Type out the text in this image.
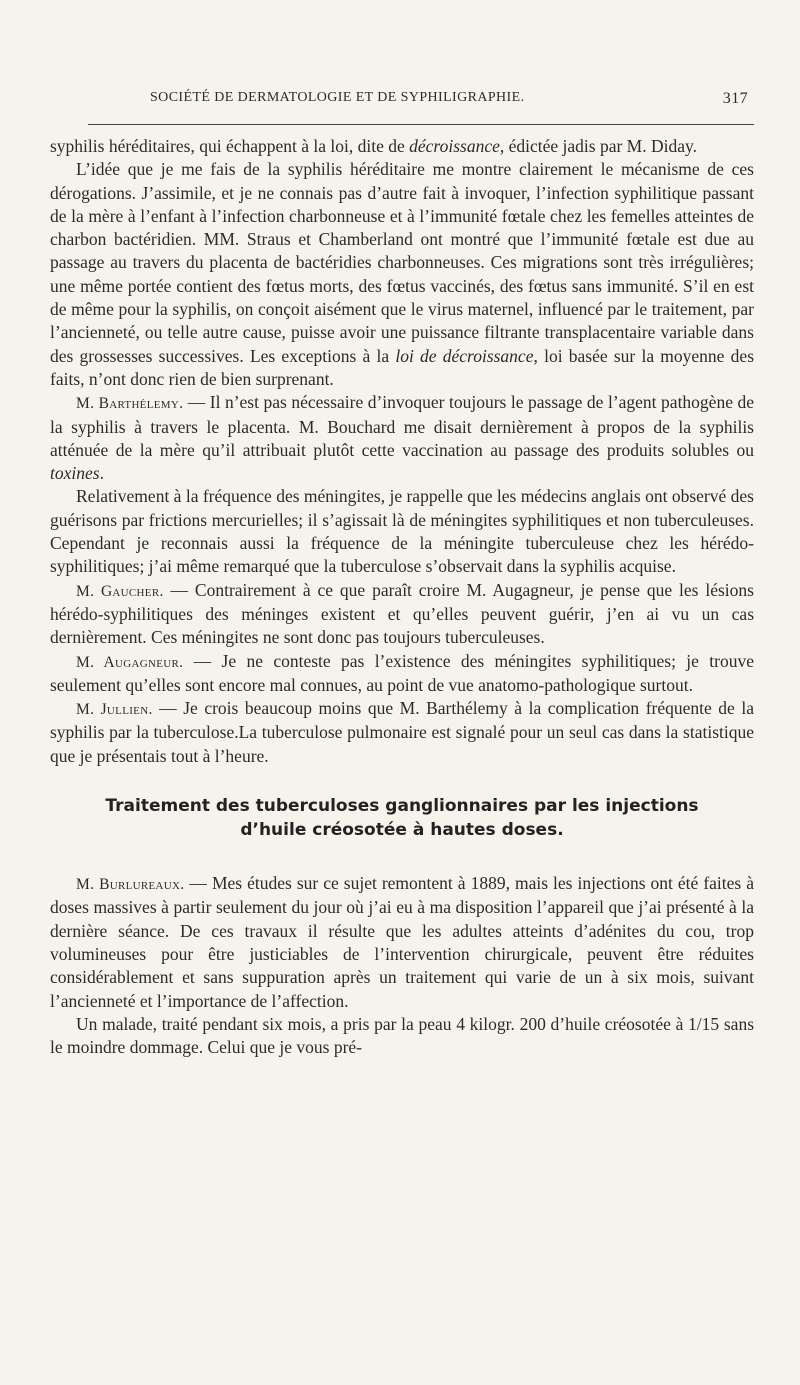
SOCIÉTÉ DE DERMATOLOGIE ET DE SYPHILIGRAPHIE.	317

syphilis héréditaires, qui échappent à la loi, dite de décroissance, édictée jadis par M. Diday.

L’idée que je me fais de la syphilis héréditaire me montre clairement le mécanisme de ces dérogations. J’assimile, et je ne connais pas d’autre fait à invoquer, l’infection syphilitique passant de la mère à l’enfant à l’infection charbonneuse et à l’immunité fœtale chez les femelles atteintes de charbon bactéridien. MM. Straus et Chamberland ont montré que l’immunité fœtale est due au passage au travers du placenta de bactéridies charbonneuses. Ces migrations sont très irrégulières; une même portée contient des fœtus morts, des fœtus vaccinés, des fœtus sans immunité. S’il en est de même pour la syphilis, on conçoit aisément que le virus maternel, influencé par le traitement, par l’ancienneté, ou telle autre cause, puisse avoir une puissance filtrante transplacentaire variable dans des grossesses successives. Les exceptions à la loi de décroissance, loi basée sur la moyenne des faits, n’ont donc rien de bien surprenant.

M. Barthélemy. — Il n’est pas nécessaire d’invoquer toujours le passage de l’agent pathogène de la syphilis à travers le placenta. M. Bouchard me disait dernièrement à propos de la syphilis atténuée de la mère qu’il attribuait plutôt cette vaccination au passage des produits solubles ou toxines.

Relativement à la fréquence des méningites, je rappelle que les médecins anglais ont observé des guérisons par frictions mercurielles; il s’agissait là de méningites syphilitiques et non tuberculeuses. Cependant je reconnais aussi la fréquence de la méningite tuberculeuse chez les hérédo-syphilitiques; j’ai même remarqué que la tuberculose s’observait dans la syphilis acquise.

M. Gaucher. — Contrairement à ce que paraît croire M. Augagneur, je pense que les lésions hérédo-syphilitiques des méninges existent et qu’elles peuvent guérir, j’en ai vu un cas dernièrement. Ces méningites ne sont donc pas toujours tuberculeuses.

M. Augagneur. — Je ne conteste pas l’existence des méningites syphilitiques; je trouve seulement qu’elles sont encore mal connues, au point de vue anatomo-pathologique surtout.

M. Jullien. — Je crois beaucoup moins que M. Barthélemy à la complication fréquente de la syphilis par la tuberculose.La tuberculose pulmonaire est signalé pour un seul cas dans la statistique que je présentais tout à l’heure.

Traitement des tuberculoses ganglionnaires par les injections
d’huile créosotée à hautes doses.

M. Burlureaux. — Mes études sur ce sujet remontent à 1889, mais les injections ont été faites à doses massives à partir seulement du jour où j’ai eu à ma disposition l’appareil que j’ai présenté à la dernière séance. De ces travaux il résulte que les adultes atteints d’adénites du cou, trop volumineuses pour être justiciables de l’intervention chirurgicale, peuvent être réduites considérablement et sans suppuration après un traitement qui varie de un à six mois, suivant l’ancienneté et l’importance de l’affection.

Un malade, traité pendant six mois, a pris par la peau 4 kilogr. 200 d’huile créosotée à 1/15 sans le moindre dommage. Celui que je vous pré-
